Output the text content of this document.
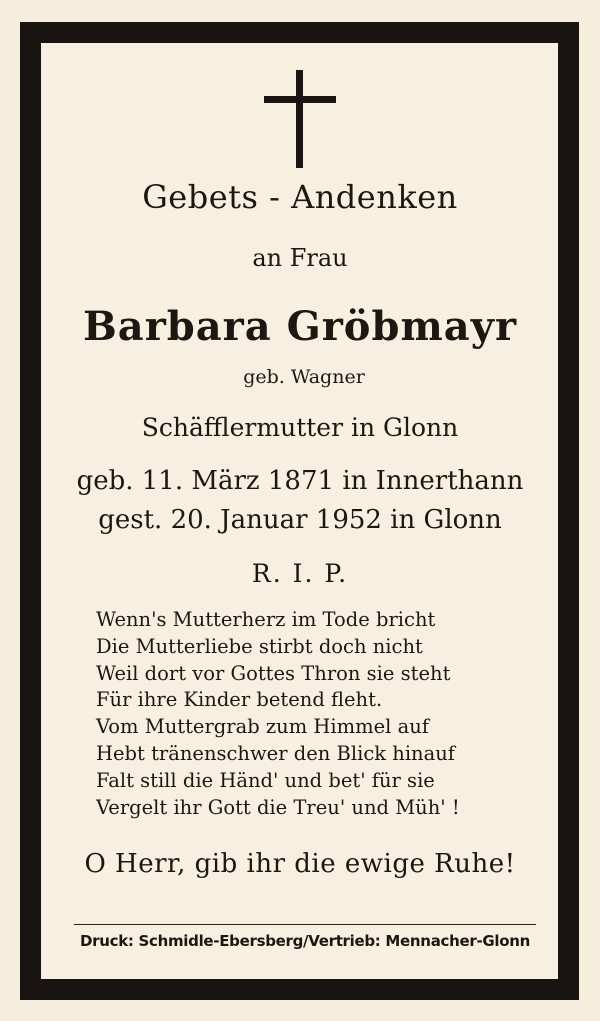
Gebets - Andenken
an Frau
Barbara Gröbmayr
geb. Wagner
Schäfflermutter in Glonn
geb. 11. März 1871 in Innerthann
gest. 20. Januar 1952 in Glonn
R. I. P.
Wenn's Mutterherz im Tode bricht
Die Mutterliebe stirbt doch nicht
Weil dort vor Gottes Thron sie steht
Für ihre Kinder betend fleht.
Vom Muttergrab zum Himmel auf
Hebt tränenschwer den Blick hinauf
Falt still die Händ' und bet' für sie
Vergelt ihr Gott die Treu' und Müh' !
O Herr, gib ihr die ewige Ruhe!
Druck: Schmidle-Ebersberg/Vertrieb: Mennacher-Glonn
